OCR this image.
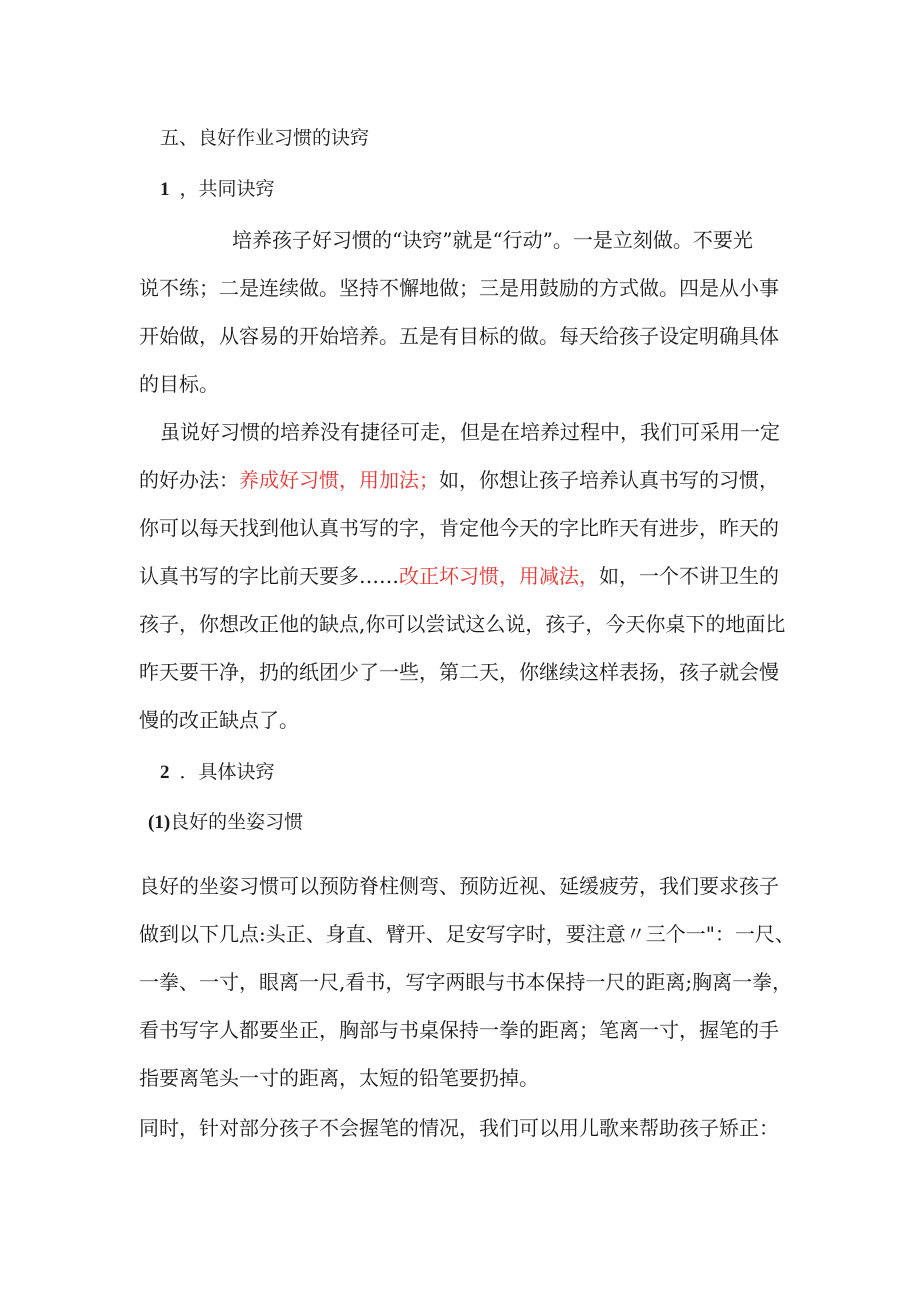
五、良好作业习惯的诀窍
1 ，共同诀窍
培养孩子好习惯的“诀窍”就是“行动”。一是立刻做。不要光
说不练；二是连续做。坚持不懈地做；三是用鼓励的方式做。四是从小事
开始做，从容易的开始培养。五是有目标的做。每天给孩子设定明确具体
的目标。
虽说好习惯的培养没有捷径可走，但是在培养过程中，我们可采用一定
的好办法：养成好习惯，用加法；如，你想让孩子培养认真书写的习惯，
你可以每天找到他认真书写的字，肯定他今天的字比昨天有进步，昨天的
认真书写的字比前天要多……改正坏习惯，用减法，如，一个不讲卫生的
孩子，你想改正他的缺点,你可以尝试这么说，孩子，今天你桌下的地面比
昨天要干净，扔的纸团少了一些，第二天，你继续这样表扬，孩子就会慢
慢的改正缺点了。
2 ．具体诀窍
(1)良好的坐姿习惯
良好的坐姿习惯可以预防脊柱侧弯、预防近视、延缓疲劳，我们要求孩子
做到以下几点:头正、身直、臂开、足安写字时，要注意〃三个一"：一尺、
一拳、一寸，眼离一尺,看书，写字两眼与书本保持一尺的距离;胸离一拳，
看书写字人都要坐正，胸部与书桌保持一拳的距离；笔离一寸，握笔的手
指要离笔头一寸的距离，太短的铅笔要扔掉。
同时，针对部分孩子不会握笔的情况，我们可以用儿歌来帮助孩子矫正：
